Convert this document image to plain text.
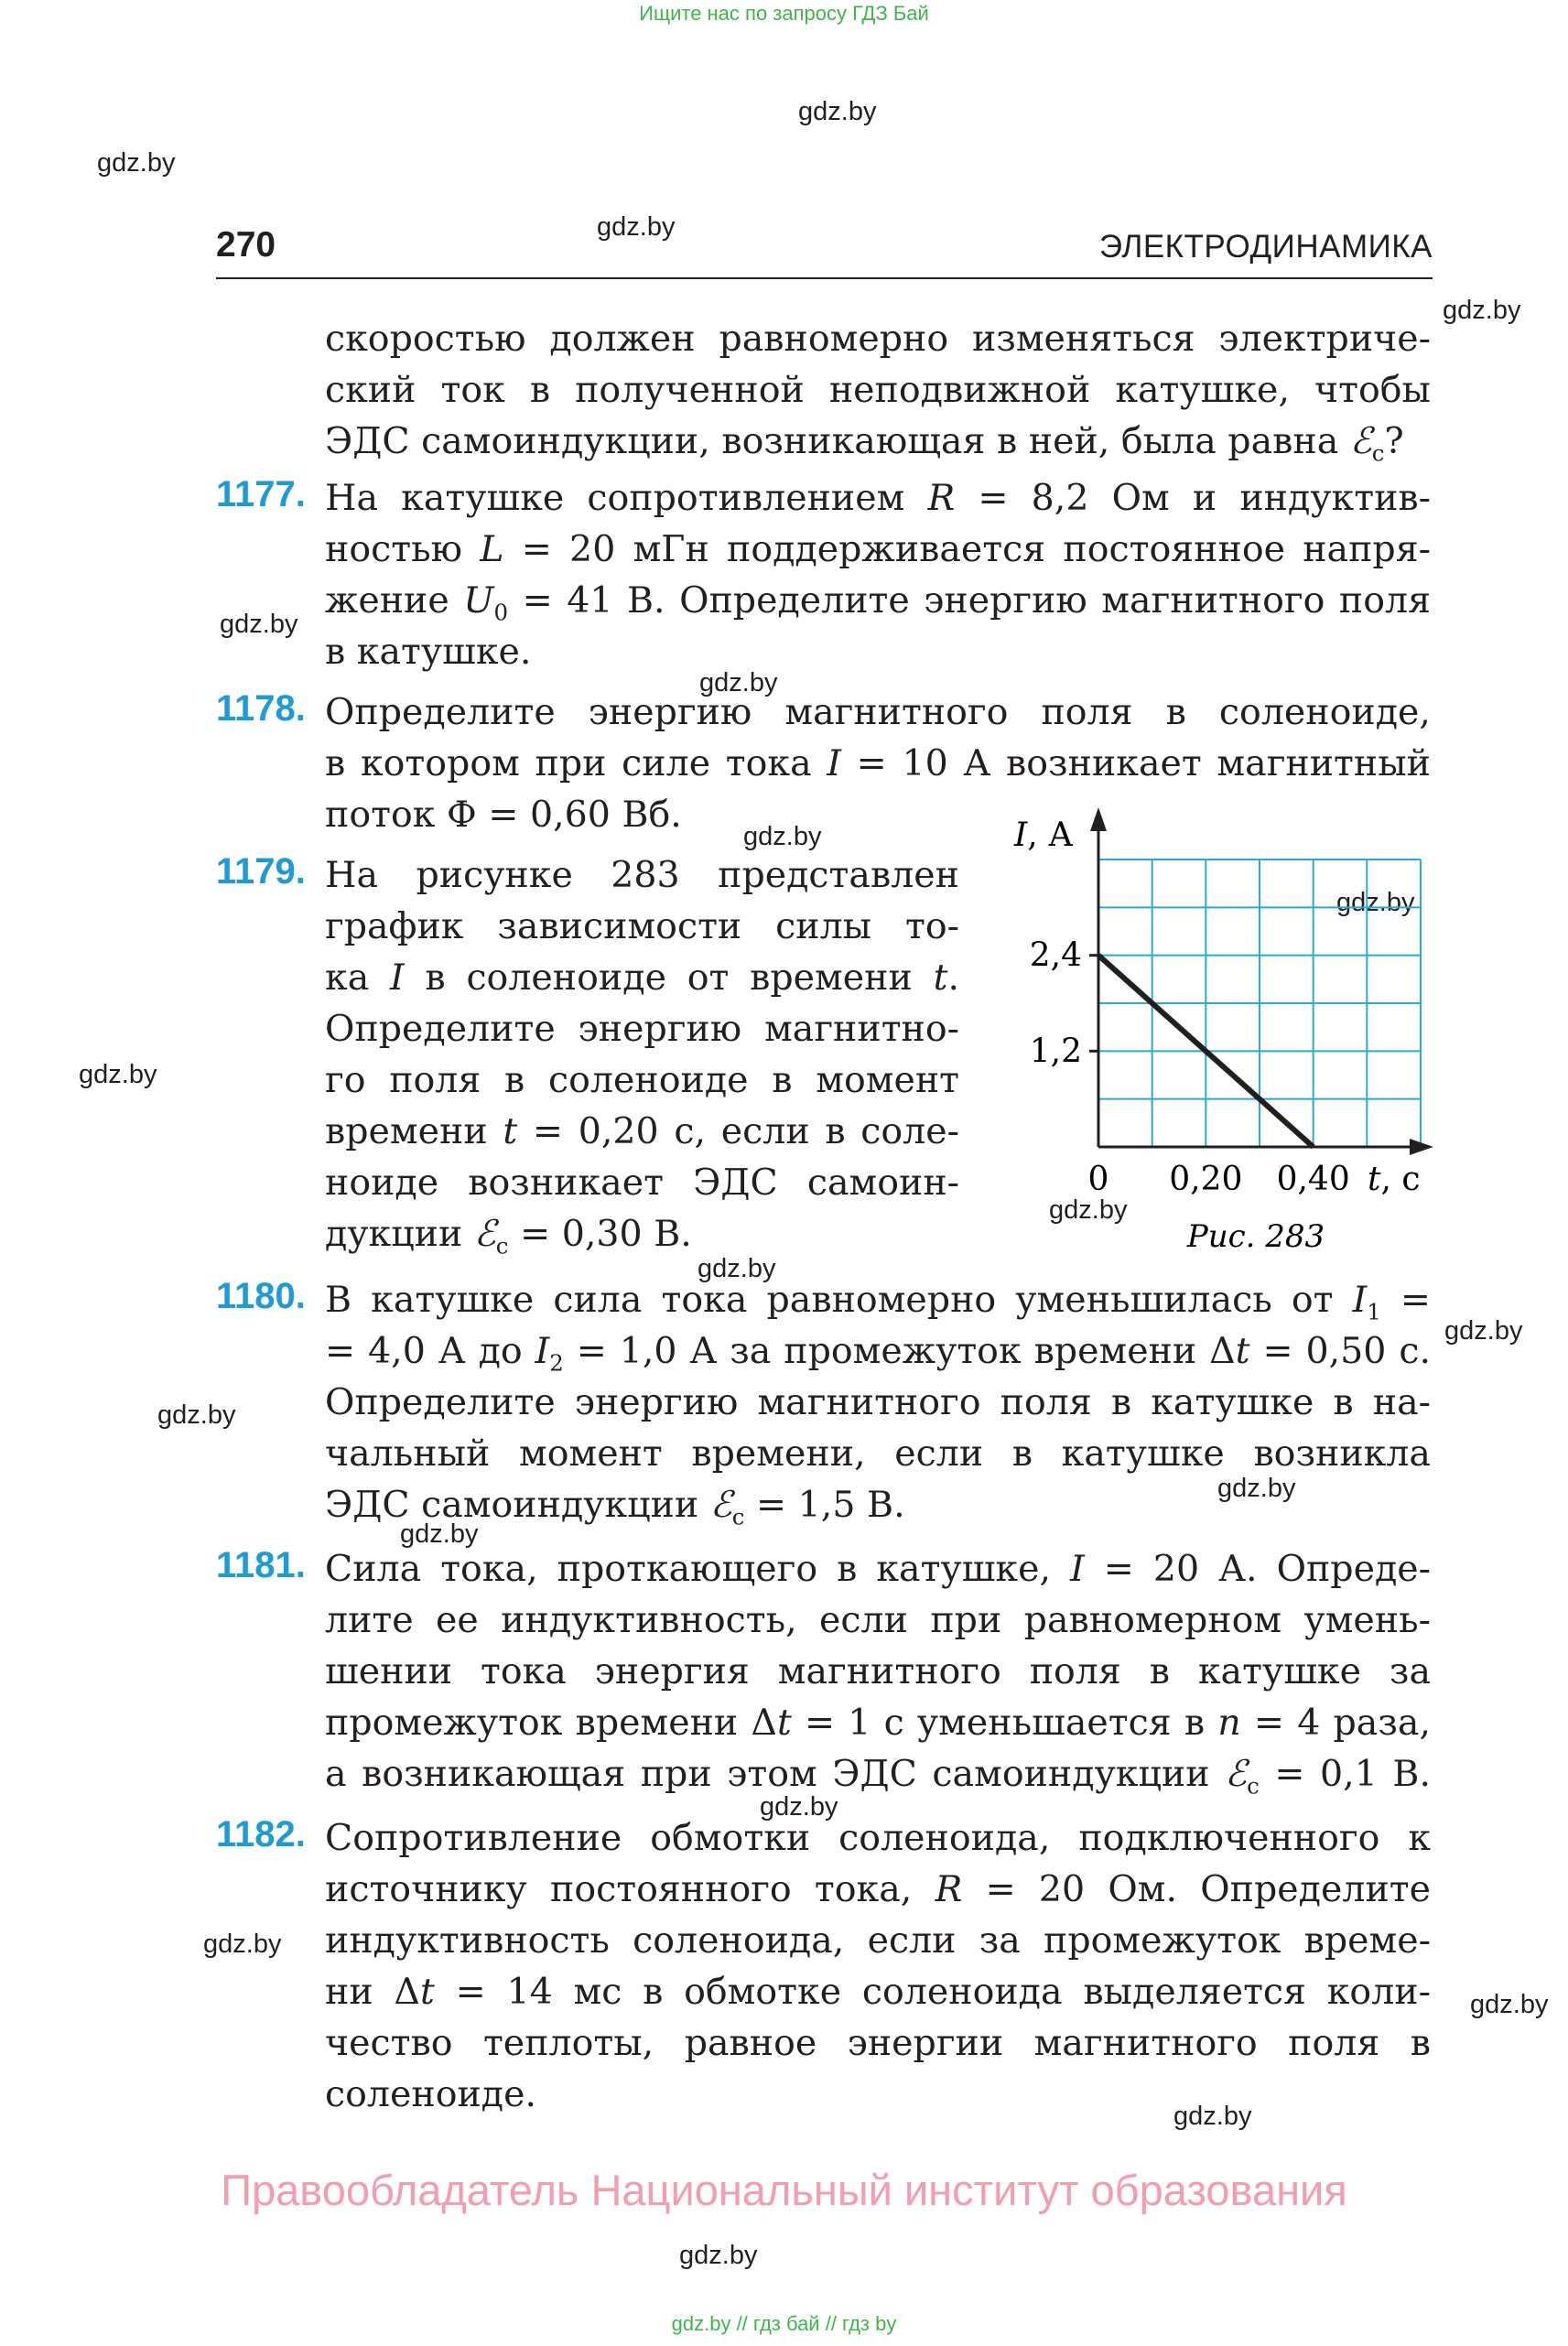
Ищите нас по запросу ГДЗ Бай
gdz.by
gdz.by
gdz.by
gdz.by
gdz.by
gdz.by
gdz.by
gdz.by
gdz.by
gdz.by
gdz.by
gdz.by
gdz.by
gdz.by
gdz.by
gdz.by
gdz.by
gdz.by
gdz.by
gdz.by
270	ЭЛЕКТРОДИНАМИКА
скоростью должен равномерно изменяться электриче-
ский ток в полученной неподвижной катушке, чтобы
ЭДС самоиндукции, возникающая в ней, была равна ℰ$_c$?
1177. На катушке сопротивлением R = 8,2 Ом и индуктив-
ностью L = 20 мГн поддерживается постоянное напря-
жение $U_0 = 41$ В. Определите энергию магнитного поля
в катушке.
1178. Определите энергию магнитного поля в соленоиде,
в котором при силе тока I = 10 А возникает магнитный
поток Ф = 0,60 Вб.
1179. На рисунке 283 представлен
график зависимости силы то-
ка I в соленоиде от времени t.
Определите энергию магнитно-
го поля в соленоиде в момент
времени t = 0,20 с, если в соле-
ноиде возникает ЭДС самоин-
дукции ℰ$_c$ = 0,30 В.
I, А
t, с
1,2
2,4
0 0,20 0,40
Рис. 283
1180. В катушке сила тока равномерно уменьшилась от $I_1$ =
= 4,0 А до $I_2 = 1,0$ А за промежуток времени Δt = 0,50 с.
Определите энергию магнитного поля в катушке в на-
чальный момент времени, если в катушке возникла
ЭДС самоиндукции ℰ$_c$ = 1,5 В.
1181. Сила тока, проткающего в катушке, I = 20 А. Опреде-
лите ее индуктивность, если при равномерном умень-
шении тока энергия магнитного поля в катушке за
промежуток времени Δt = 1 с уменьшается в n = 4 раза,
а возникающая при этом ЭДС самоиндукции ℰ$_c$ = 0,1 В.
1182. Сопротивление обмотки соленоида, подключенного к
источнику постоянного тока, R = 20 Ом. Определите
индуктивность соленоида, если за промежуток време-
ни Δt = 14 мс в обмотке соленоида выделяется коли-
чество теплоты, равное энергии магнитного поля в
соленоиде.
Правообладатель Национальный институт образования
gdz.by // гдз бай // гдз by
